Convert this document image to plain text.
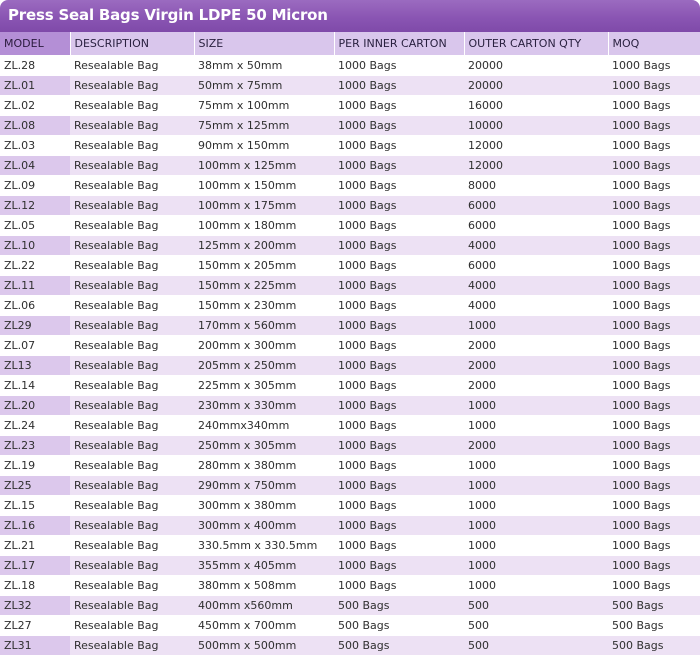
Press Seal Bags Virgin LDPE 50 Micron
MODEL	DESCRIPTION	SIZE	PER INNER CARTON	OUTER CARTON QTY	MOQ
ZL.28	Resealable Bag	38mm x 50mm	1000 Bags	20000	1000 Bags
ZL.01	Resealable Bag	50mm x 75mm	1000 Bags	20000	1000 Bags
ZL.02	Resealable Bag	75mm x 100mm	1000 Bags	16000	1000 Bags
ZL.08	Resealable Bag	75mm x 125mm	1000 Bags	10000	1000 Bags
ZL.03	Resealable Bag	90mm x 150mm	1000 Bags	12000	1000 Bags
ZL.04	Resealable Bag	100mm x 125mm	1000 Bags	12000	1000 Bags
ZL.09	Resealable Bag	100mm x 150mm	1000 Bags	8000	1000 Bags
ZL.12	Resealable Bag	100mm x 175mm	1000 Bags	6000	1000 Bags
ZL.05	Resealable Bag	100mm x 180mm	1000 Bags	6000	1000 Bags
ZL.10	Resealable Bag	125mm x 200mm	1000 Bags	4000	1000 Bags
ZL.22	Resealable Bag	150mm x 205mm	1000 Bags	6000	1000 Bags
ZL.11	Resealable Bag	150mm x 225mm	1000 Bags	4000	1000 Bags
ZL.06	Resealable Bag	150mm x 230mm	1000 Bags	4000	1000 Bags
ZL29	Resealable Bag	170mm x 560mm	1000 Bags	1000	1000 Bags
ZL.07	Resealable Bag	200mm x 300mm	1000 Bags	2000	1000 Bags
ZL13	Resealable Bag	205mm x 250mm	1000 Bags	2000	1000 Bags
ZL.14	Resealable Bag	225mm x 305mm	1000 Bags	2000	1000 Bags
ZL.20	Resealable Bag	230mm x 330mm	1000 Bags	1000	1000 Bags
ZL.24	Resealable Bag	240mmx340mm	1000 Bags	1000	1000 Bags
ZL.23	Resealable Bag	250mm x 305mm	1000 Bags	2000	1000 Bags
ZL.19	Resealable Bag	280mm x 380mm	1000 Bags	1000	1000 Bags
ZL25	Resealable Bag	290mm x 750mm	1000 Bags	1000	1000 Bags
ZL.15	Resealable Bag	300mm x 380mm	1000 Bags	1000	1000 Bags
ZL.16	Resealable Bag	300mm x 400mm	1000 Bags	1000	1000 Bags
ZL.21	Resealable Bag	330.5mm x 330.5mm	1000 Bags	1000	1000 Bags
ZL.17	Resealable Bag	355mm x 405mm	1000 Bags	1000	1000 Bags
ZL.18	Resealable Bag	380mm x 508mm	1000 Bags	1000	1000 Bags
ZL32	Resealable Bag	400mm x560mm	500 Bags	500	500 Bags
ZL27	Resealable Bag	450mm x 700mm	500 Bags	500	500 Bags
ZL31	Resealable Bag	500mm x 500mm	500 Bags	500	500 Bags
